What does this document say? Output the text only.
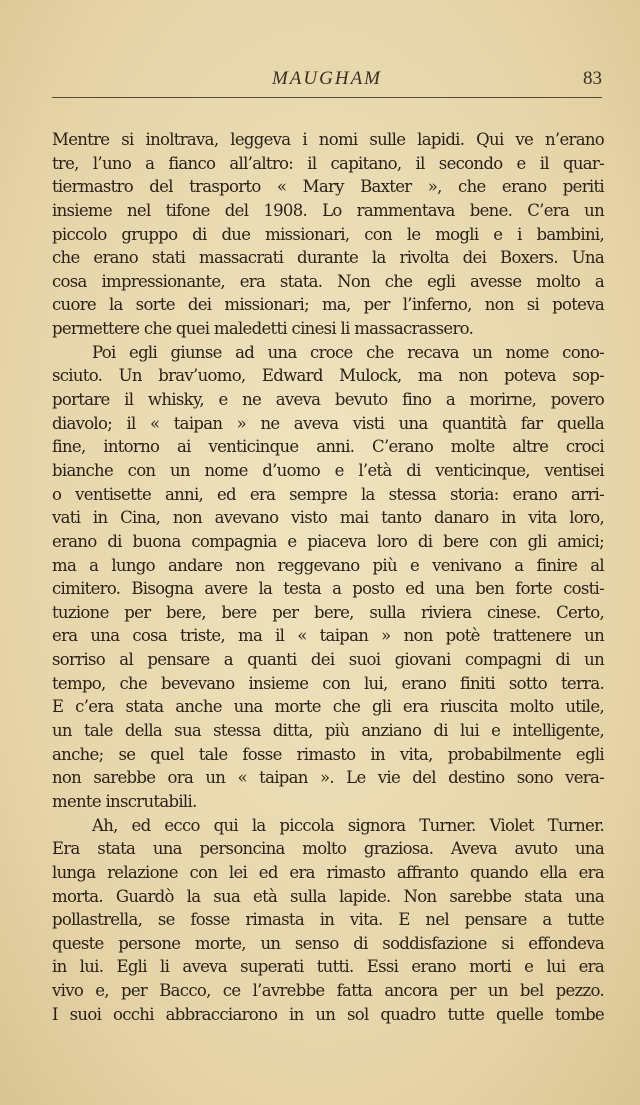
MAUGHAM	83
Mentre si inoltrava, leggeva i nomi sulle lapidi. Qui ve n’erano
tre, l’uno a fianco all’altro: il capitano, il secondo e il quar-
tiermastro del trasporto « Mary Baxter », che erano periti
insieme nel tifone del 1908. Lo rammentava bene. C’era un
piccolo gruppo di due missionari, con le mogli e i bambini,
che erano stati massacrati durante la rivolta dei Boxers. Una
cosa impressionante, era stata. Non che egli avesse molto a
cuore la sorte dei missionari; ma, per l’inferno, non si poteva
permettere che quei maledetti cinesi li massacrassero.
Poi egli giunse ad una croce che recava un nome cono-
sciuto. Un brav’uomo, Edward Mulock, ma non poteva sop-
portare il whisky, e ne aveva bevuto fino a morirne, povero
diavolo; il « taipan » ne aveva visti una quantità far quella
fine, intorno ai venticinque anni. C’erano molte altre croci
bianche con un nome d’uomo e l’età di venticinque, ventisei
o ventisette anni, ed era sempre la stessa storia: erano arri-
vati in Cina, non avevano visto mai tanto danaro in vita loro,
erano di buona compagnia e piaceva loro di bere con gli amici;
ma a lungo andare non reggevano più e venivano a finire al
cimitero. Bisogna avere la testa a posto ed una ben forte costi-
tuzione per bere, bere per bere, sulla riviera cinese. Certo,
era una cosa triste, ma il « taipan » non potè trattenere un
sorriso al pensare a quanti dei suoi giovani compagni di un
tempo, che bevevano insieme con lui, erano finiti sotto terra.
E c’era stata anche una morte che gli era riuscita molto utile,
un tale della sua stessa ditta, più anziano di lui e intelligente,
anche; se quel tale fosse rimasto in vita, probabilmente egli
non sarebbe ora un « taipan ». Le vie del destino sono vera-
mente inscrutabili.
Ah, ed ecco qui la piccola signora Turner. Violet Turner.
Era stata una personcina molto graziosa. Aveva avuto una
lunga relazione con lei ed era rimasto affranto quando ella era
morta. Guardò la sua età sulla lapide. Non sarebbe stata una
pollastrella, se fosse rimasta in vita. E nel pensare a tutte
queste persone morte, un senso di soddisfazione si effondeva
in lui. Egli li aveva superati tutti. Essi erano morti e lui era
vivo e, per Bacco, ce l’avrebbe fatta ancora per un bel pezzo.
I suoi occhi abbracciarono in un sol quadro tutte quelle tombe
